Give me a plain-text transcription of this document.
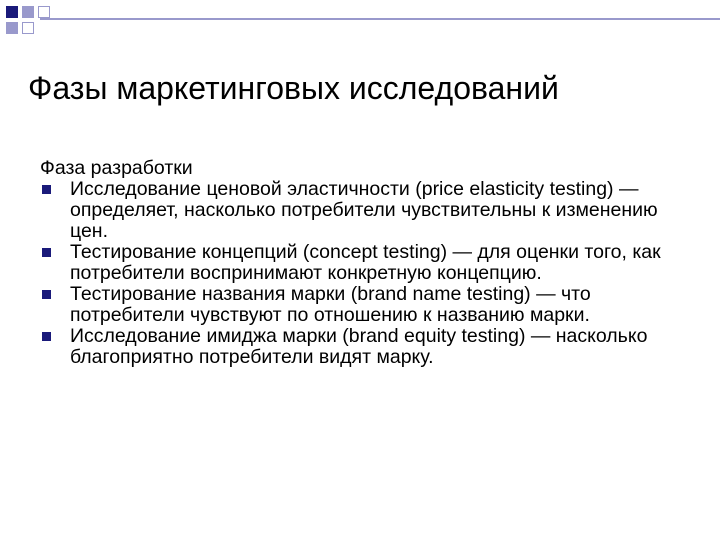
Фазы маркетинговых исследований

Фаза разработки

Исследование ценовой эластичности (price elasticity testing) — определяет, насколько потребители чувствительны к изменению цен.
Тестирование концепций (concept testing) — для оценки того, как потребители воспринимают конкретную концепцию.
Тестирование названия марки (brand name testing) — что потребители чувствуют по отношению к названию марки.
Исследование имиджа марки (brand equity testing) — насколько благоприятно потребители видят марку.
